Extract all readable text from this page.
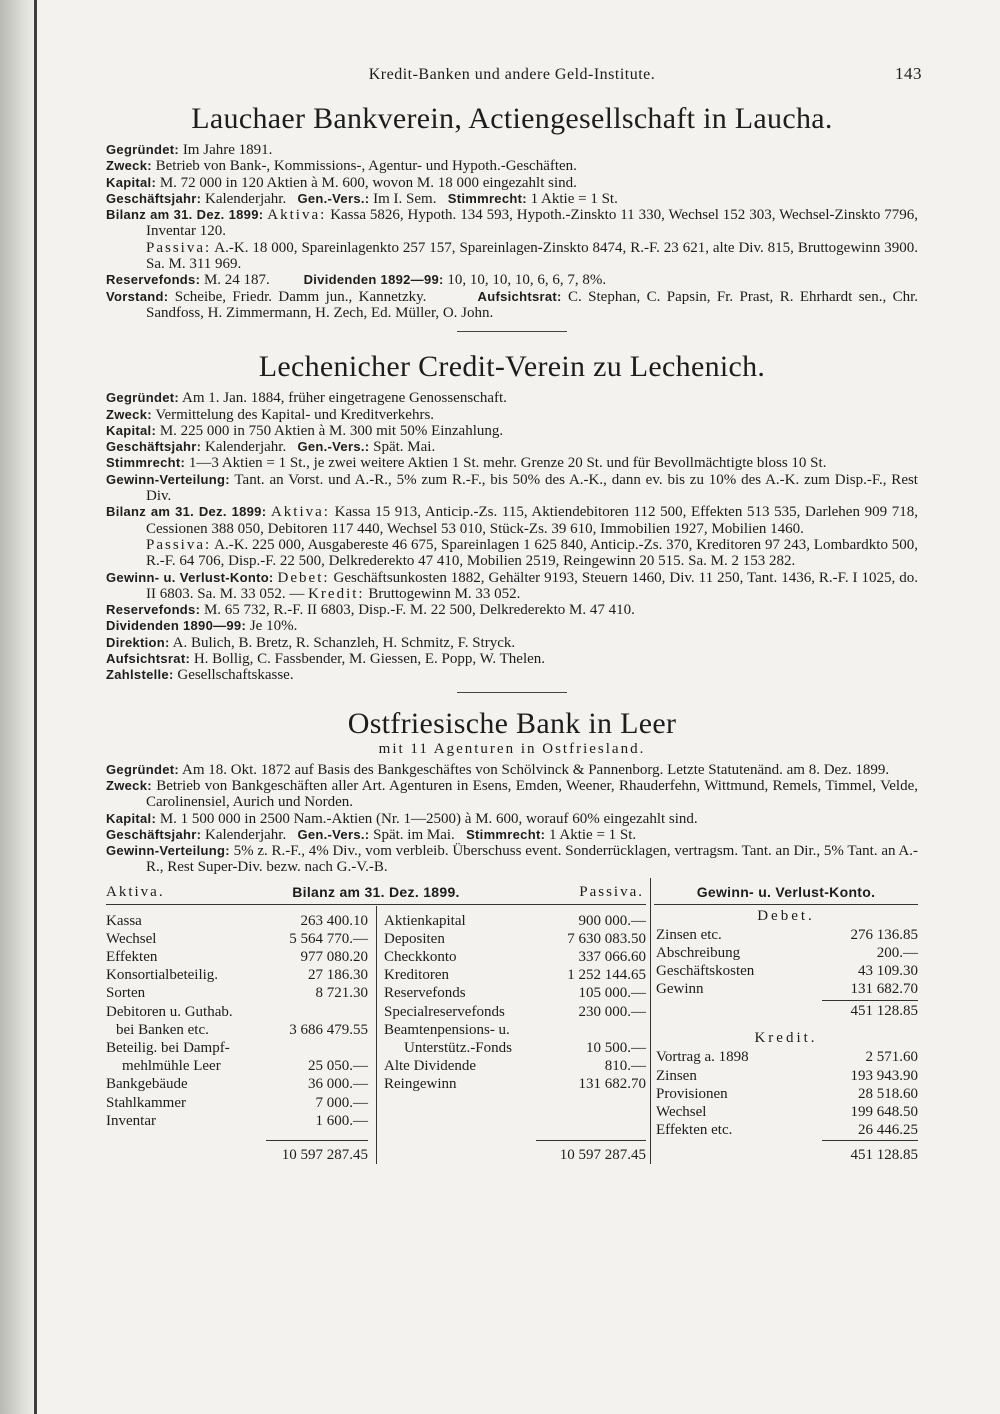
Kredit-Banken und andere Geld-Institute.	143
Lauchaer Bankverein, Actiengesellschaft in Laucha.

Gegründet: Im Jahre 1891.

Zweck: Betrieb von Bank-, Kommissions-, Agentur- und Hypoth.-Geschäften.

Kapital: M. 72 000 in 120 Aktien à M. 600, wovon M. 18 000 eingezahlt sind.

Geschäftsjahr: Kalenderjahr. Gen.-Vers.: Im I. Sem. Stimmrecht: 1 Aktie = 1 St.

Bilanz am 31. Dez. 1899: Aktiva: Kassa 5826, Hypoth. 134 593, Hypoth.-Zinskto 11 330, Wechsel 152 303, Wechsel-Zinskto 7796, Inventar 120.

Passiva: A.-K. 18 000, Spareinlagenkto 257 157, Spareinlagen-Zinskto 8474, R.-F. 23 621, alte Div. 815, Bruttogewinn 3900. Sa. M. 311 969.

Reservefonds: M. 24 187.	Dividenden 1892—99: 10, 10, 10, 10, 6, 6, 7, 8%.

Vorstand: Scheibe, Friedr. Damm jun., Kannetzky.	Aufsichtsrat: C. Stephan, C. Papsin, Fr. Prast, R. Ehrhardt sen., Chr. Sandfoss, H. Zimmermann, H. Zech, Ed. Müller, O. John.

Lechenicher Credit-Verein zu Lechenich.

Gegründet: Am 1. Jan. 1884, früher eingetragene Genossenschaft.

Zweck: Vermittelung des Kapital- und Kreditverkehrs.

Kapital: M. 225 000 in 750 Aktien à M. 300 mit 50% Einzahlung.

Geschäftsjahr: Kalenderjahr. Gen.-Vers.: Spät. Mai.

Stimmrecht: 1—3 Aktien = 1 St., je zwei weitere Aktien 1 St. mehr. Grenze 20 St. und für Bevollmächtigte bloss 10 St.

Gewinn-Verteilung: Tant. an Vorst. und A.-R., 5% zum R.-F., bis 50% des A.-K., dann ev. bis zu 10% des A.-K. zum Disp.-F., Rest Div.

Bilanz am 31. Dez. 1899: Aktiva: Kassa 15 913, Anticip.-Zs. 115, Aktiendebitoren 112 500, Effekten 513 535, Darlehen 909 718, Cessionen 388 050, Debitoren 117 440, Wechsel 53 010, Stück-Zs. 39 610, Immobilien 1927, Mobilien 1460.

Passiva: A.-K. 225 000, Ausgabereste 46 675, Spareinlagen 1 625 840, Anticip.-Zs. 370, Kreditoren 97 243, Lombardkto 500, R.-F. 64 706, Disp.-F. 22 500, Delkrederekto 47 410, Mobilien 2519, Reingewinn 20 515. Sa. M. 2 153 282.

Gewinn- u. Verlust-Konto: Debet: Geschäftsunkosten 1882, Gehälter 9193, Steuern 1460, Div. 11 250, Tant. 1436, R.-F. I 1025, do. II 6803. Sa. M. 33 052. — Kredit: Bruttogewinn M. 33 052.

Reservefonds: M. 65 732, R.-F. II 6803, Disp.-F. M. 22 500, Delkrederekto M. 47 410.

Dividenden 1890—99: Je 10%.

Direktion: A. Bulich, B. Bretz, R. Schanzleh, H. Schmitz, F. Stryck.

Aufsichtsrat: H. Bollig, C. Fassbender, M. Giessen, E. Popp, W. Thelen.

Zahlstelle: Gesellschaftskasse.

Ostfriesische Bank in Leer
mit 11 Agenturen in Ostfriesland.

Gegründet: Am 18. Okt. 1872 auf Basis des Bankgeschäftes von Schölvinck & Pannenborg. Letzte Statutenänd. am 8. Dez. 1899.

Zweck: Betrieb von Bankgeschäften aller Art. Agenturen in Esens, Emden, Weener, Rhauderfehn, Wittmund, Remels, Timmel, Velde, Carolinensiel, Aurich und Norden.

Kapital: M. 1 500 000 in 2500 Nam.-Aktien (Nr. 1—2500) à M. 600, worauf 60% eingezahlt sind.

Geschäftsjahr: Kalenderjahr. Gen.-Vers.: Spät. im Mai. Stimmrecht: 1 Aktie = 1 St.

Gewinn-Verteilung: 5% z. R.-F., 4% Div., vom verbleib. Überschuss event. Sonderrücklagen, vertragsm. Tant. an Dir., 5% Tant. an A.-R., Rest Super-Div. bezw. nach G.-V.-B.

Aktiva.	Bilanz am 31. Dez. 1899.	Passiva.	Gewinn- u. Verlust-Konto.
Kassa	263 400.10
Wechsel	5 564 770.—
Effekten	977 080.20
Konsortialbeteilig.	27 186.30
Sorten	8 721.30
Debitoren u. Guthab.
bei Banken etc.	3 686 479.55
Beteilig. bei Dampf-
mehlmühle Leer	25 050.—
Bankgebäude	36 000.—
Stahlkammer	7 000.—
Inventar	1 600.—
10 597 287.45
Aktienkapital	900 000.—
Depositen	7 630 083.50
Checkkonto	337 066.60
Kreditoren	1 252 144.65
Reservefonds	105 000.—
Specialreservefonds	230 000.—
Beamtenpensions- u.
Unterstütz.-Fonds	10 500.—
Alte Dividende	810.—
Reingewinn	131 682.70
10 597 287.45
Debet.
Zinsen etc.	276 136.85
Abschreibung	200.—
Geschäftskosten	43 109.30
Gewinn	131 682.70
451 128.85
Kredit.
Vortrag a. 1898	2 571.60
Zinsen	193 943.90
Provisionen	28 518.60
Wechsel	199 648.50
Effekten etc.	26 446.25
451 128.85
